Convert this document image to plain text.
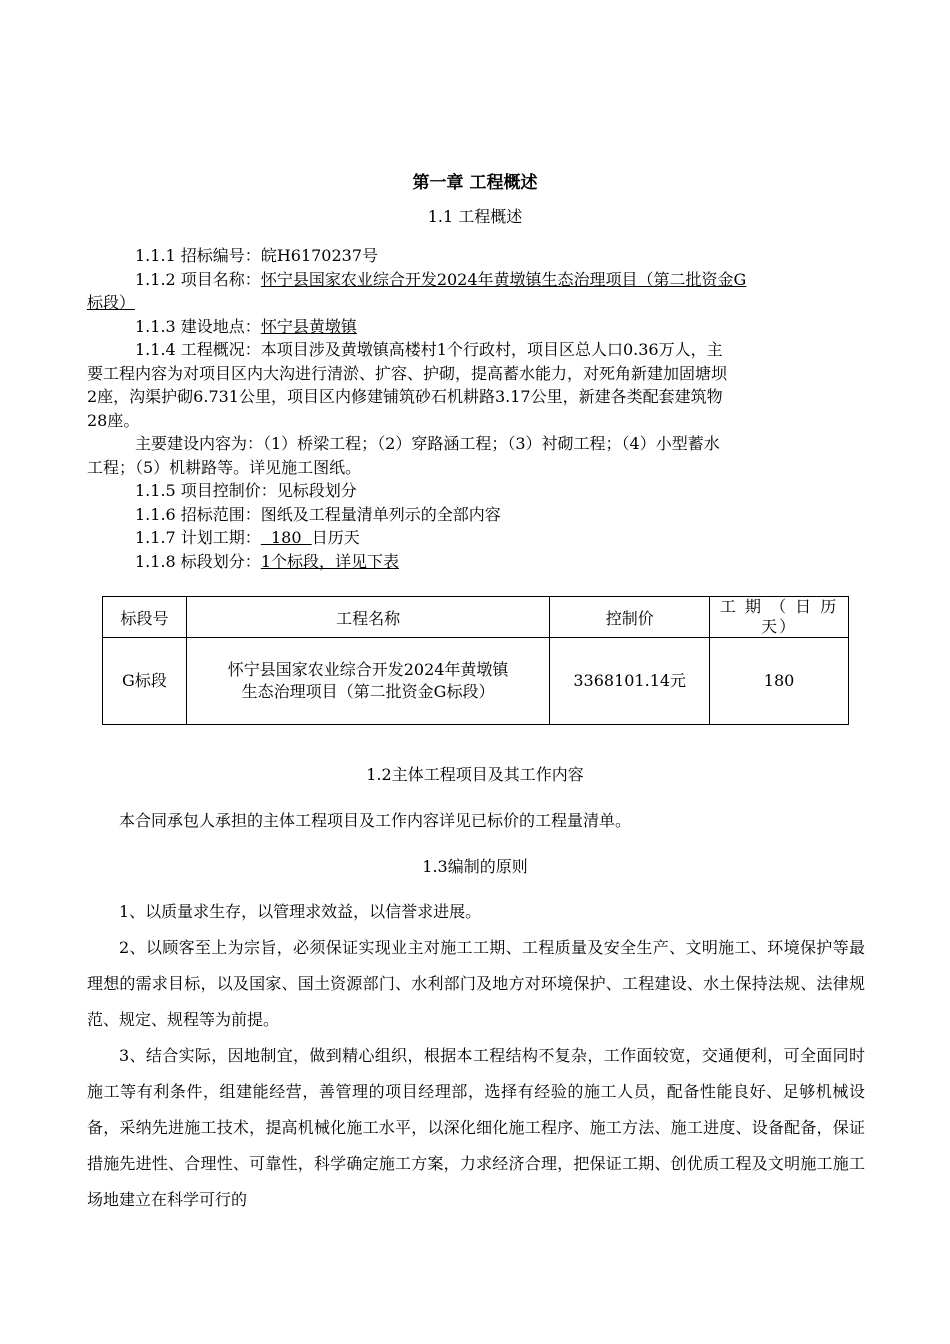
第一章 工程概述
1.1 工程概述
1.1.1 招标编号：皖H6170237号
1.1.2 项目名称：怀宁县国家农业综合开发2024年黄墩镇生态治理项目（第二批资金G
标段）
1.1.3 建设地点：怀宁县黄墩镇
1.1.4 工程概况：本项目涉及黄墩镇高楼村1个行政村，项目区总人口0.36万人，主
要工程内容为对项目区内大沟进行清淤、扩容、护砌，提高蓄水能力，对死角新建加固塘坝
2座，沟渠护砌6.731公里，项目区内修建铺筑砂石机耕路3.17公里，新建各类配套建筑物
28座。
主要建设内容为：（1）桥梁工程；（2）穿路涵工程；（3）衬砌工程；（4）小型蓄水
工程；（5）机耕路等。详见施工图纸。
1.1.5 项目控制价：见标段划分
1.1.6 招标范围：图纸及工程量清单列示的全部内容
1.1.7 计划工期：  180  日历天
1.1.8 标段划分：1个标段，详见下表
标段号	工程名称	控制价	工 期 （ 日 历 天）
G标段	怀宁县国家农业综合开发2024年黄墩镇
生态治理项目（第二批资金G标段）	3368101.14元	180
1.2主体工程项目及其工作内容

本合同承包人承担的主体工程项目及工作内容详见已标价的工程量清单。

1.3编制的原则

1、以质量求生存，以管理求效益，以信誉求进展。

2、以顾客至上为宗旨，必须保证实现业主对施工工期、工程质量及安全生产、文明施工、环境保护等最理想的需求目标，以及国家、国土资源部门、水利部门及地方对环境保护、工程建设、水土保持法规、法律规范、规定、规程等为前提。

3、结合实际，因地制宜，做到精心组织，根据本工程结构不复杂，工作面较宽，交通便利，可全面同时施工等有利条件，组建能经营，善管理的项目经理部，选择有经验的施工人员，配备性能良好、足够机械设备，采纳先进施工技术，提高机械化施工水平，以深化细化施工程序、施工方法、施工进度、设备配备，保证措施先进性、合理性、可靠性，科学确定施工方案，力求经济合理，把保证工期、创优质工程及文明施工施工场地建立在科学可行的
